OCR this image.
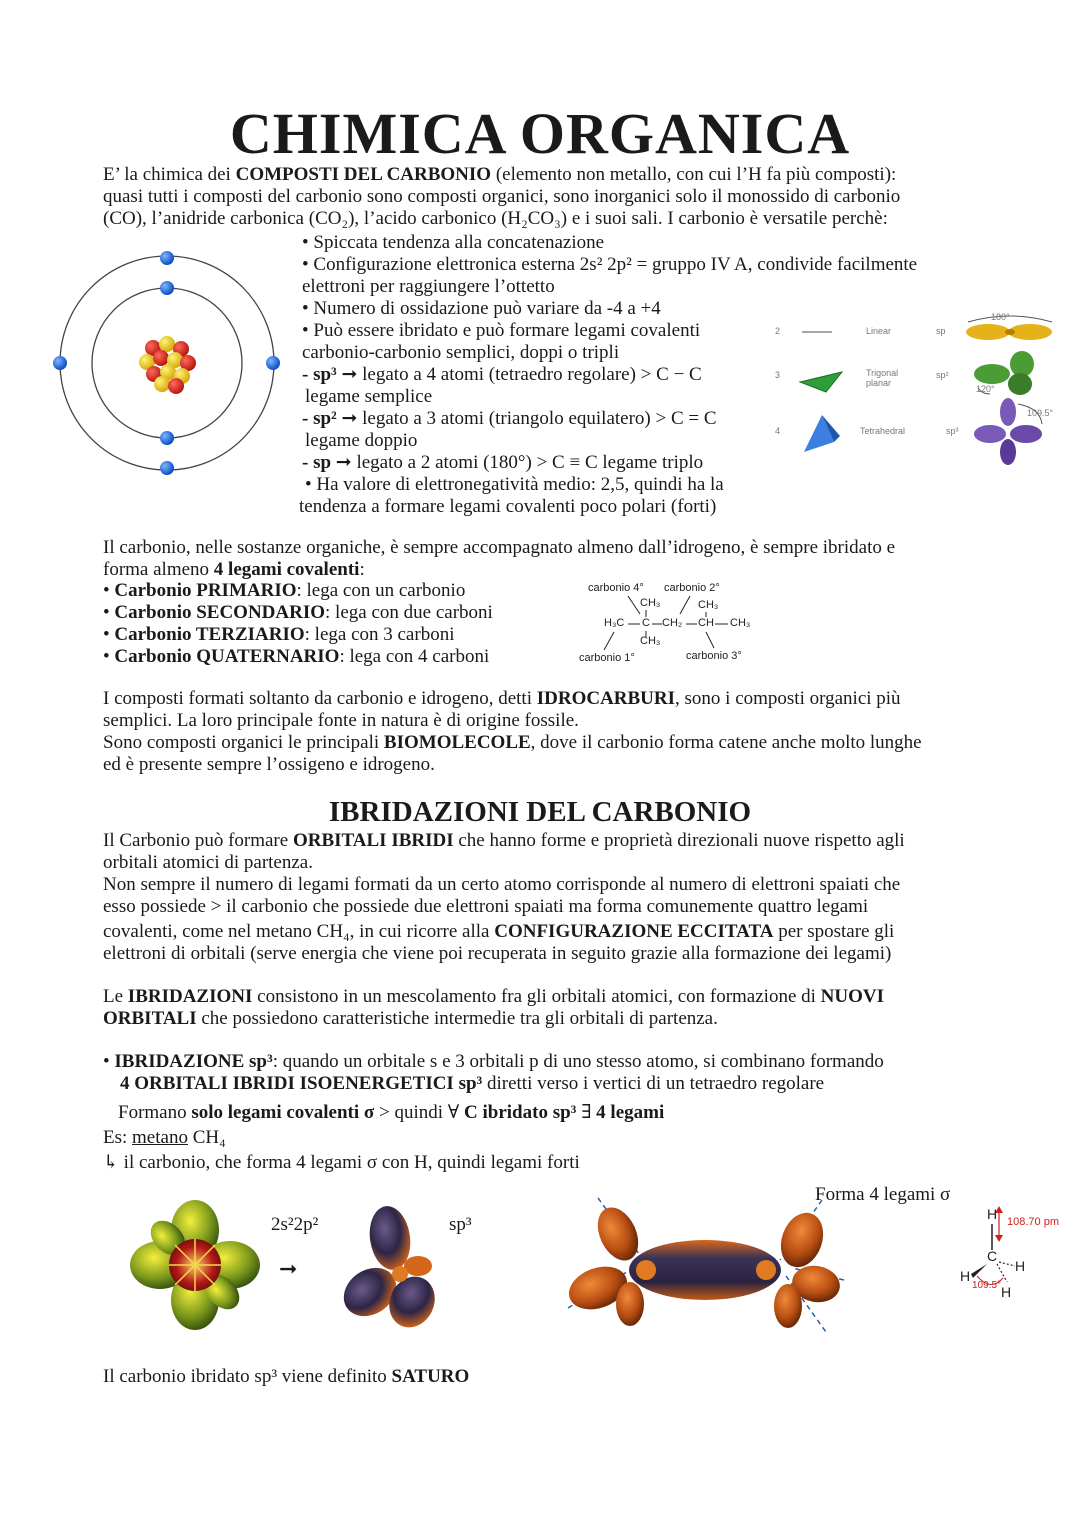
CHIMICA ORGANICA
E’ la chimica dei COMPOSTI DEL CARBONIO (elemento non metallo, con cui l’H fa più composti):
quasi tutti i composti del carbonio sono composti organici, sono inorganici solo il monossido di carbonio
(CO), l’anidride carbonica (CO₂), l’acido carbonico (H₂CO₃) e i suoi sali. I carbonio è versatile perchè:
• Spiccata tendenza alla concatenazione
• Configurazione elettronica esterna 2s² 2p² = gruppo IV A, condivide facilmente
elettroni per raggiungere l’ottetto
• Numero di ossidazione può variare da -4 a +4
• Può essere ibridato e può formare legami covalenti
carbonio-carbonio semplici, doppi o tripli
- sp³ ➞ legato a 4 atomi (tetraedro regolare) > C − C
legame semplice
- sp² ➞ legato a 3 atomi (triangolo equilatero) > C = C
legame doppio
- sp ➞ legato a 2 atomi (180°) > C ≡ C legame triplo
• Ha valore di elettronegatività medio: 2,5, quindi ha la
tendenza a formare legami covalenti poco polari (forti)
2
3
4
Linear
Trigonal planar
Tetrahedral
sp
sp²
sp³
180°
120°
109.5°
Il carbonio, nelle sostanze organiche, è sempre accompagnato almeno dall’idrogeno, è sempre ibridato e
forma almeno 4 legami covalenti:
• Carbonio PRIMARIO: lega con un carbonio
• Carbonio SECONDARIO: lega con due carboni
• Carbonio TERZIARIO: lega con 3 carboni
• Carbonio QUATERNARIO: lega con 4 carboni
carbonio 4° carbonio 2°
CH₃	CH₃
H₃C C CH₂ CH CH₃
CH₃
carbonio 1°	carbonio 3°
I composti formati soltanto da carbonio e idrogeno, detti IDROCARBURI, sono i composti organici più
semplici. La loro principale fonte in natura è di origine fossile.
Sono composti organici le principali BIOMOLECOLE, dove il carbonio forma catene anche molto lunghe
ed è presente sempre l’ossigeno e idrogeno.
IBRIDAZIONI DEL CARBONIO
Il Carbonio può formare ORBITALI IBRIDI che hanno forme e proprietà direzionali nuove rispetto agli
orbitali atomici di partenza.
Non sempre il numero di legami formati da un certo atomo corrisponde al numero di elettroni spaiati che
esso possiede > il carbonio che possiede due elettroni spaiati ma forma comunemente quattro legami
covalenti, come nel metano CH₄, in cui ricorre alla CONFIGURAZIONE ECCITATA per spostare gli
elettroni di orbitali (serve energia che viene poi recuperata in seguito grazie alla formazione dei legami)
Le IBRIDAZIONI consistono in un mescolamento fra gli orbitali atomici, con formazione di NUOVI
ORBITALI che possiedono caratteristiche intermedie tra gli orbitali di partenza.
• IBRIDAZIONE sp³: quando un orbitale s e 3 orbitali p di uno stesso atomo, si combinano formando
4 ORBITALI IBRIDI ISOENERGETICI sp³ diretti verso i vertici di un tetraedro regolare
Formano solo legami covalenti σ > quindi ∀ C ibridato sp³ ∃ 4 legami
Es: metano CH₄
↳ il carbonio, che forma 4 legami σ con H, quindi legami forti
Forma 4 legami σ
2s²2p²
➞
sp³	H
C
H
H
H
108.70 pm
109.5°
Il carbonio ibridato sp³ viene definito SATURO
